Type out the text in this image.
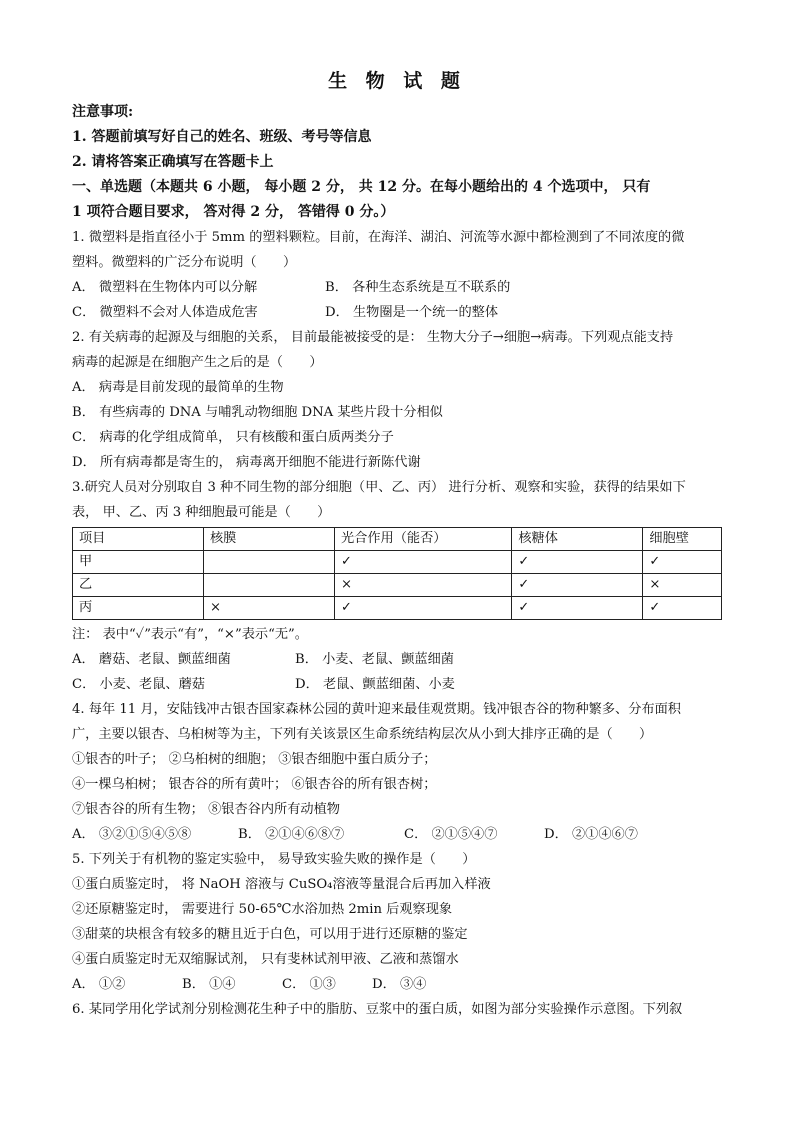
生 物 试 题
注意事项:
1. 答题前填写好自己的姓名、班级、考号等信息
2. 请将答案正确填写在答题卡上
一、单选题（本题共 6 小题， 每小题 2 分， 共 12 分。在每小题给出的 4 个选项中， 只有
1 项符合题目要求， 答对得 2 分， 答错得 0 分。）
1. 微塑料是指直径小于 5mm 的塑料颗粒。目前，在海洋、湖泊、河流等水源中都检测到了不同浓度的微
塑料。微塑料的广泛分布说明（　　）
A． 微塑料在生物体内可以分解	B． 各种生态系统是互不联系的
C． 微塑料不会对人体造成危害	D． 生物圈是一个统一的整体
2. 有关病毒的起源及与细胞的关系， 目前最能被接受的是： 生物大分子→细胞→病毒。下列观点能支持
病毒的起源是在细胞产生之后的是（　　）
A． 病毒是目前发现的最简单的生物
B． 有些病毒的 DNA 与哺乳动物细胞 DNA 某些片段十分相似
C． 病毒的化学组成简单， 只有核酸和蛋白质两类分子
D． 所有病毒都是寄生的， 病毒离开细胞不能进行新陈代谢
3.研究人员对分别取自 3 种不同生物的部分细胞（甲、乙、丙） 进行分析、观察和实验，获得的结果如下
表， 甲、乙、丙 3 种细胞最可能是（　　）
项目	核膜	光合作用（能否）	核糖体	细胞壁
甲		✓	✓	✓
乙		×	✓	×
丙	×	✓	✓	✓
注： 表中“✓”表示“有”，“×”表示“无”。
A． 蘑菇、老鼠、颤蓝细菌	B． 小麦、老鼠、颤蓝细菌
C． 小麦、老鼠、蘑菇	D． 老鼠、颤蓝细菌、小麦
4. 每年 11 月，安陆钱冲古银杏国家森林公园的黄叶迎来最佳观赏期。钱冲银杏谷的物种繁多、分布面积
广，主要以银杏、乌桕树等为主，下列有关该景区生命系统结构层次从小到大排序正确的是（　　）
①银杏的叶子； ②乌桕树的细胞； ③银杏细胞中蛋白质分子；
④一棵乌桕树； 银杏谷的所有黄叶； ⑥银杏谷的所有银杏树；
⑦银杏谷的所有生物； ⑧银杏谷内所有动植物
A． ③②①⑤④⑤⑧	B． ②①④⑥⑧⑦	C． ②①⑤④⑦	D． ②①④⑥⑦
5. 下列关于有机物的鉴定实验中， 易导致实验失败的操作是（　　）
①蛋白质鉴定时， 将 NaOH 溶液与 CuSO₄溶液等量混合后再加入样液
②还原糖鉴定时， 需要进行 50-65℃水浴加热 2min 后观察现象
③甜菜的块根含有较多的糖且近于白色，可以用于进行还原糖的鉴定
④蛋白质鉴定时无双缩脲试剂， 只有斐林试剂甲液、乙液和蒸馏水
A． ①②	B． ①④	C． ①③	D． ③④
6. 某同学用化学试剂分别检测花生种子中的脂肪、豆浆中的蛋白质，如图为部分实验操作示意图。下列叙
